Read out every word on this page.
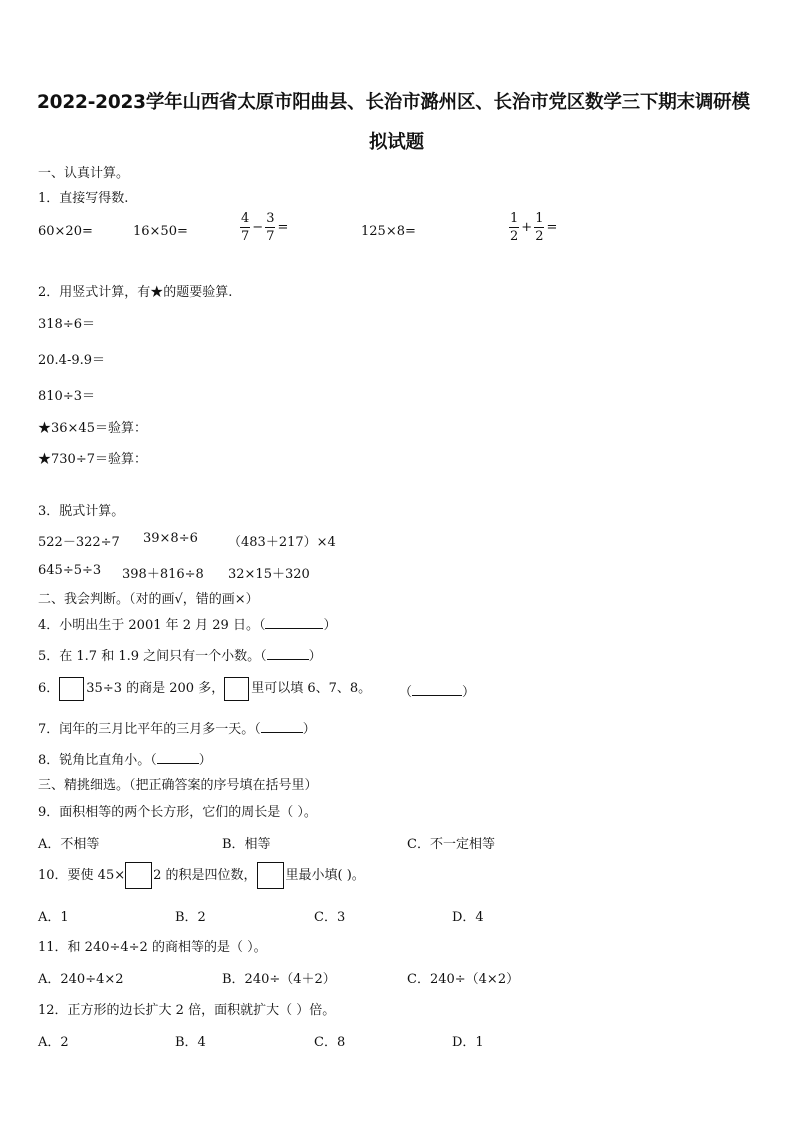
2022-2023学年山西省太原市阳曲县、长治市潞州区、长治市党区数学三下期末调研模
拟试题
一、认真计算。
1．直接写得数.
60×20=	16×50=	$\frac{4}{7} - \frac{3}{7}$ =	125×8=	$\frac{1}{2} + \frac{1}{2}$ =
2．用竖式计算，有★的题要验算.
318÷6＝
20.4-9.9＝
810÷3＝
★36×45＝验算：
★730÷7＝验算：
3．脱式计算。
522－322÷7 39×8÷6 （483＋217）×4
645÷5÷3 398＋816÷8 32×15＋320
二、我会判断。（对的画√，错的画×）
4．小明出生于 2001 年 2 月 29 日。（	）
5．在 1.7 和 1.9 之间只有一个小数。（	）
6． 35÷3 的商是 200 多， 里可以填 6、7、8。 （	）
7．闰年的三月比平年的三月多一天。（	）
8．锐角比直角小。（	）
三、精挑细选。（把正确答案的序号填在括号里）
9．面积相等的两个长方形，它们的周长是（ ）。
A．不相等	B．相等	C．不一定相等
10．要使 45× 2 的积是四位数， 里最小填( )。
A．1	B．2	C．3	D．4
11．和 240÷4÷2 的商相等的是（ ）。
A．240÷4×2	B．240÷（4＋2）	C．240÷（4×2）
12．正方形的边长扩大 2 倍，面积就扩大（ ）倍。
A．2	B．4	C．8	D．1
